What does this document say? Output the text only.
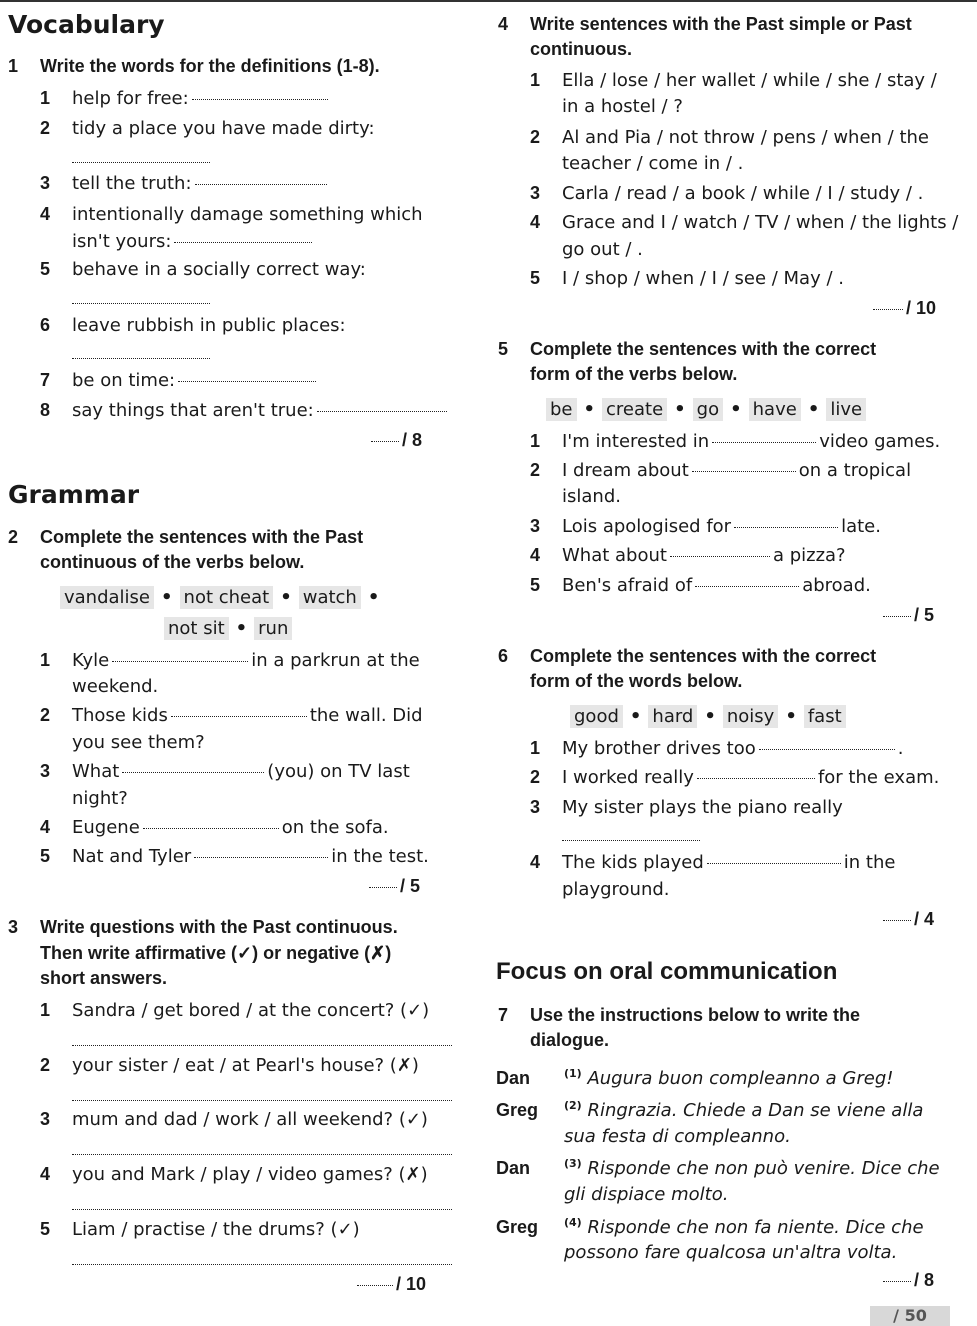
Vocabulary
1 Write the words for the definitions (1-8).
1 help for free:
2 tidy a place you have made dirty:
3 tell the truth:
4 intentionally damage something which
isn't yours:
5 behave in a socially correct way:
6 leave rubbish in public places:
7 be on time:
8 say things that aren't true:
/ 8
Grammar
2 Complete the sentences with the Past
continuous of the verbs below.
vandalise • not cheat • watch •
not sit • run
1 Kyle	in a parkrun at the
weekend.
2 Those kids	the wall. Did
you see them?
3 What	(you) on TV last
night?
4 Eugene	on the sofa.
5 Nat and Tyler	in the test.
/ 5
3 Write questions with the Past continuous.
Then write affirmative (✓) or negative (✗)
short answers.
1 Sandra / get bored / at the concert? (✓)
2 your sister / eat / at Pearl's house? (✗)
3 mum and dad / work / all weekend? (✓)
4 you and Mark / play / video games? (✗)
5 Liam / practise / the drums? (✓)
/ 10
4 Write sentences with the Past simple or Past
continuous.
1 Ella / lose / her wallet / while / she / stay /
in a hostel / ?
2 Al and Pia / not throw / pens / when / the
teacher / come in / .
3 Carla / read / a book / while / I / study / .
4 Grace and I / watch / TV / when / the lights /
go out / .
5 I / shop / when / I / see / May / .
/ 10
5 Complete the sentences with the correct
form of the verbs below.
be • create • go • have • live
1 I'm interested in	video games.
2 I dream about	on a tropical
island.
3 Lois apologised for	late.
4 What about	a pizza?
5 Ben's afraid of	abroad.
/ 5
6 Complete the sentences with the correct
form of the words below.
good • hard • noisy • fast
1 My brother drives too	.
2 I worked really	for the exam.
3 My sister plays the piano really
4 The kids played	in the
playground.
/ 4
Focus on oral communication
7 Use the instructions below to write the
dialogue.
Dan	$^{(1)}$ Augura buon compleanno a Greg!
Greg $^{(2)}$ Ringrazia. Chiede a Dan se viene alla
sua festa di compleanno.
Dan	$^{(3)}$ Risponde che non può venire. Dice che
gli dispiace molto.
Greg $^{(4)}$ Risponde che non fa niente. Dice che
possono fare qualcosa un'altra volta.
/ 8
/ 50
